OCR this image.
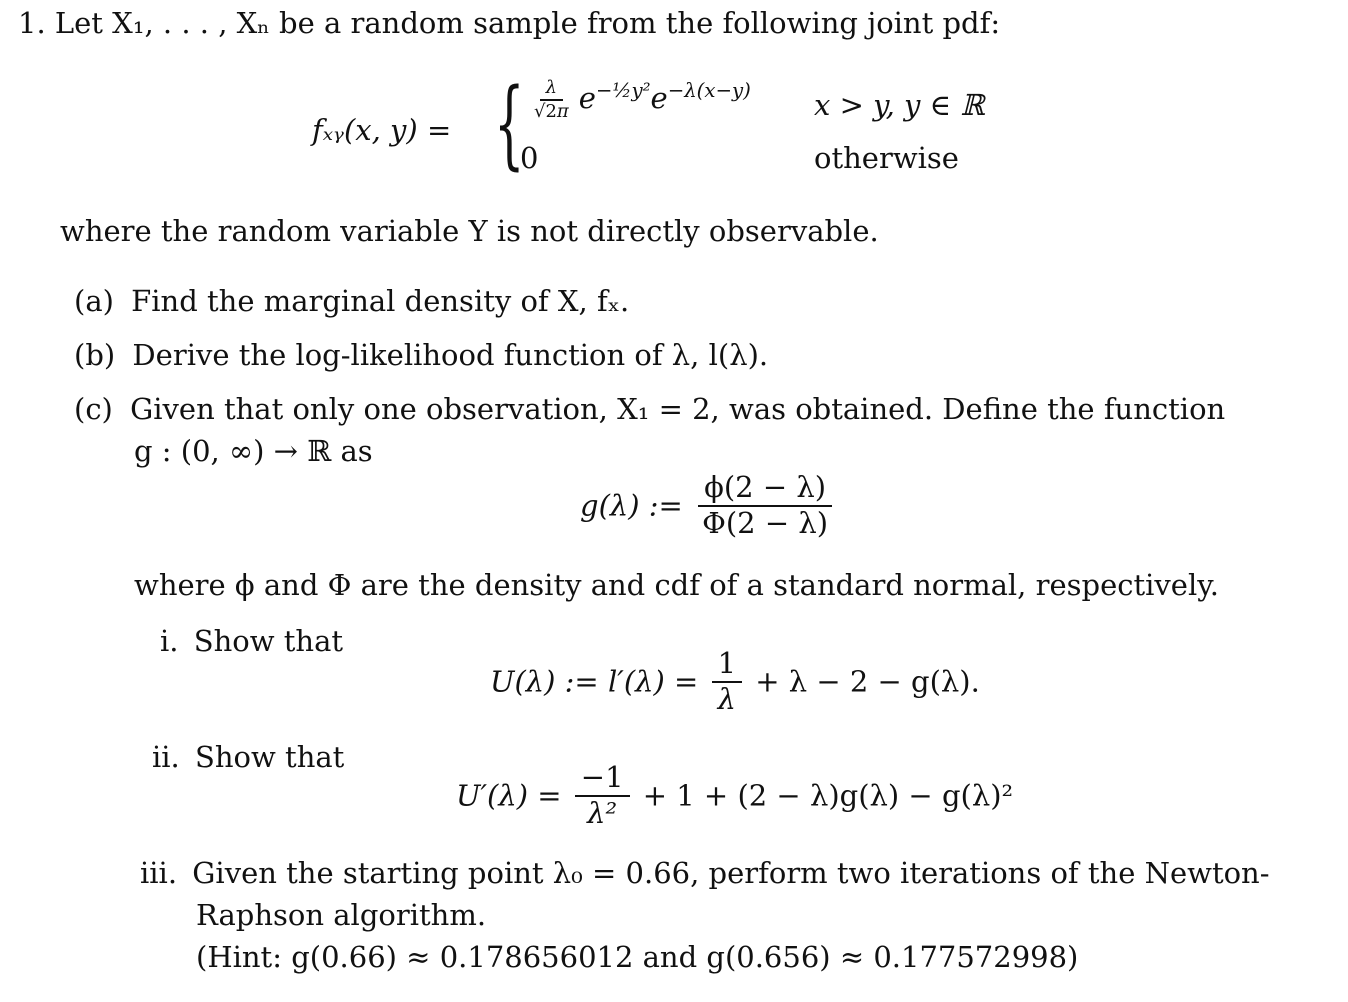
1. Let X₁, . . . , Xₙ be a random sample from the following joint pdf:
fₓᵧ(x, y) = { $\frac{\lambda}{√2\pi} e^{-\frac{1}{2}y^2}e^{-\lambda(x-y)}$ x > y, y ∈ ℝ
0	otherwise
where the random variable Y is not directly observable.
(a) Find the marginal density of X, fₓ.
(b) Derive the log-likelihood function of λ, l(λ).
(c) Given that only one observation, X₁ = 2, was obtained. Define the function
g : (0, ∞) → ℝ as
g(λ) := $\frac{\phi(2 - \lambda)}{\Phi(2 - \lambda)}$
where ϕ and Φ are the density and cdf of a standard normal, respectively.
i. Show that
U(λ) := $l'(\lambda) = \frac{1}{\lambda} + \lambda - 2 - g(\lambda)$.
ii. Show that
$U'(\lambda) = \frac{-1}{\text{λ²}} + 1 + (2 - \lambda)g(\lambda) - g(\lambda)^2$
iii. Given the starting point λ₀ = 0.66, perform two iterations of the Newton-
Raphson algorithm.
(Hint: g(0.66) ≈ 0.178656012 and g(0.656) ≈ 0.177572998)
